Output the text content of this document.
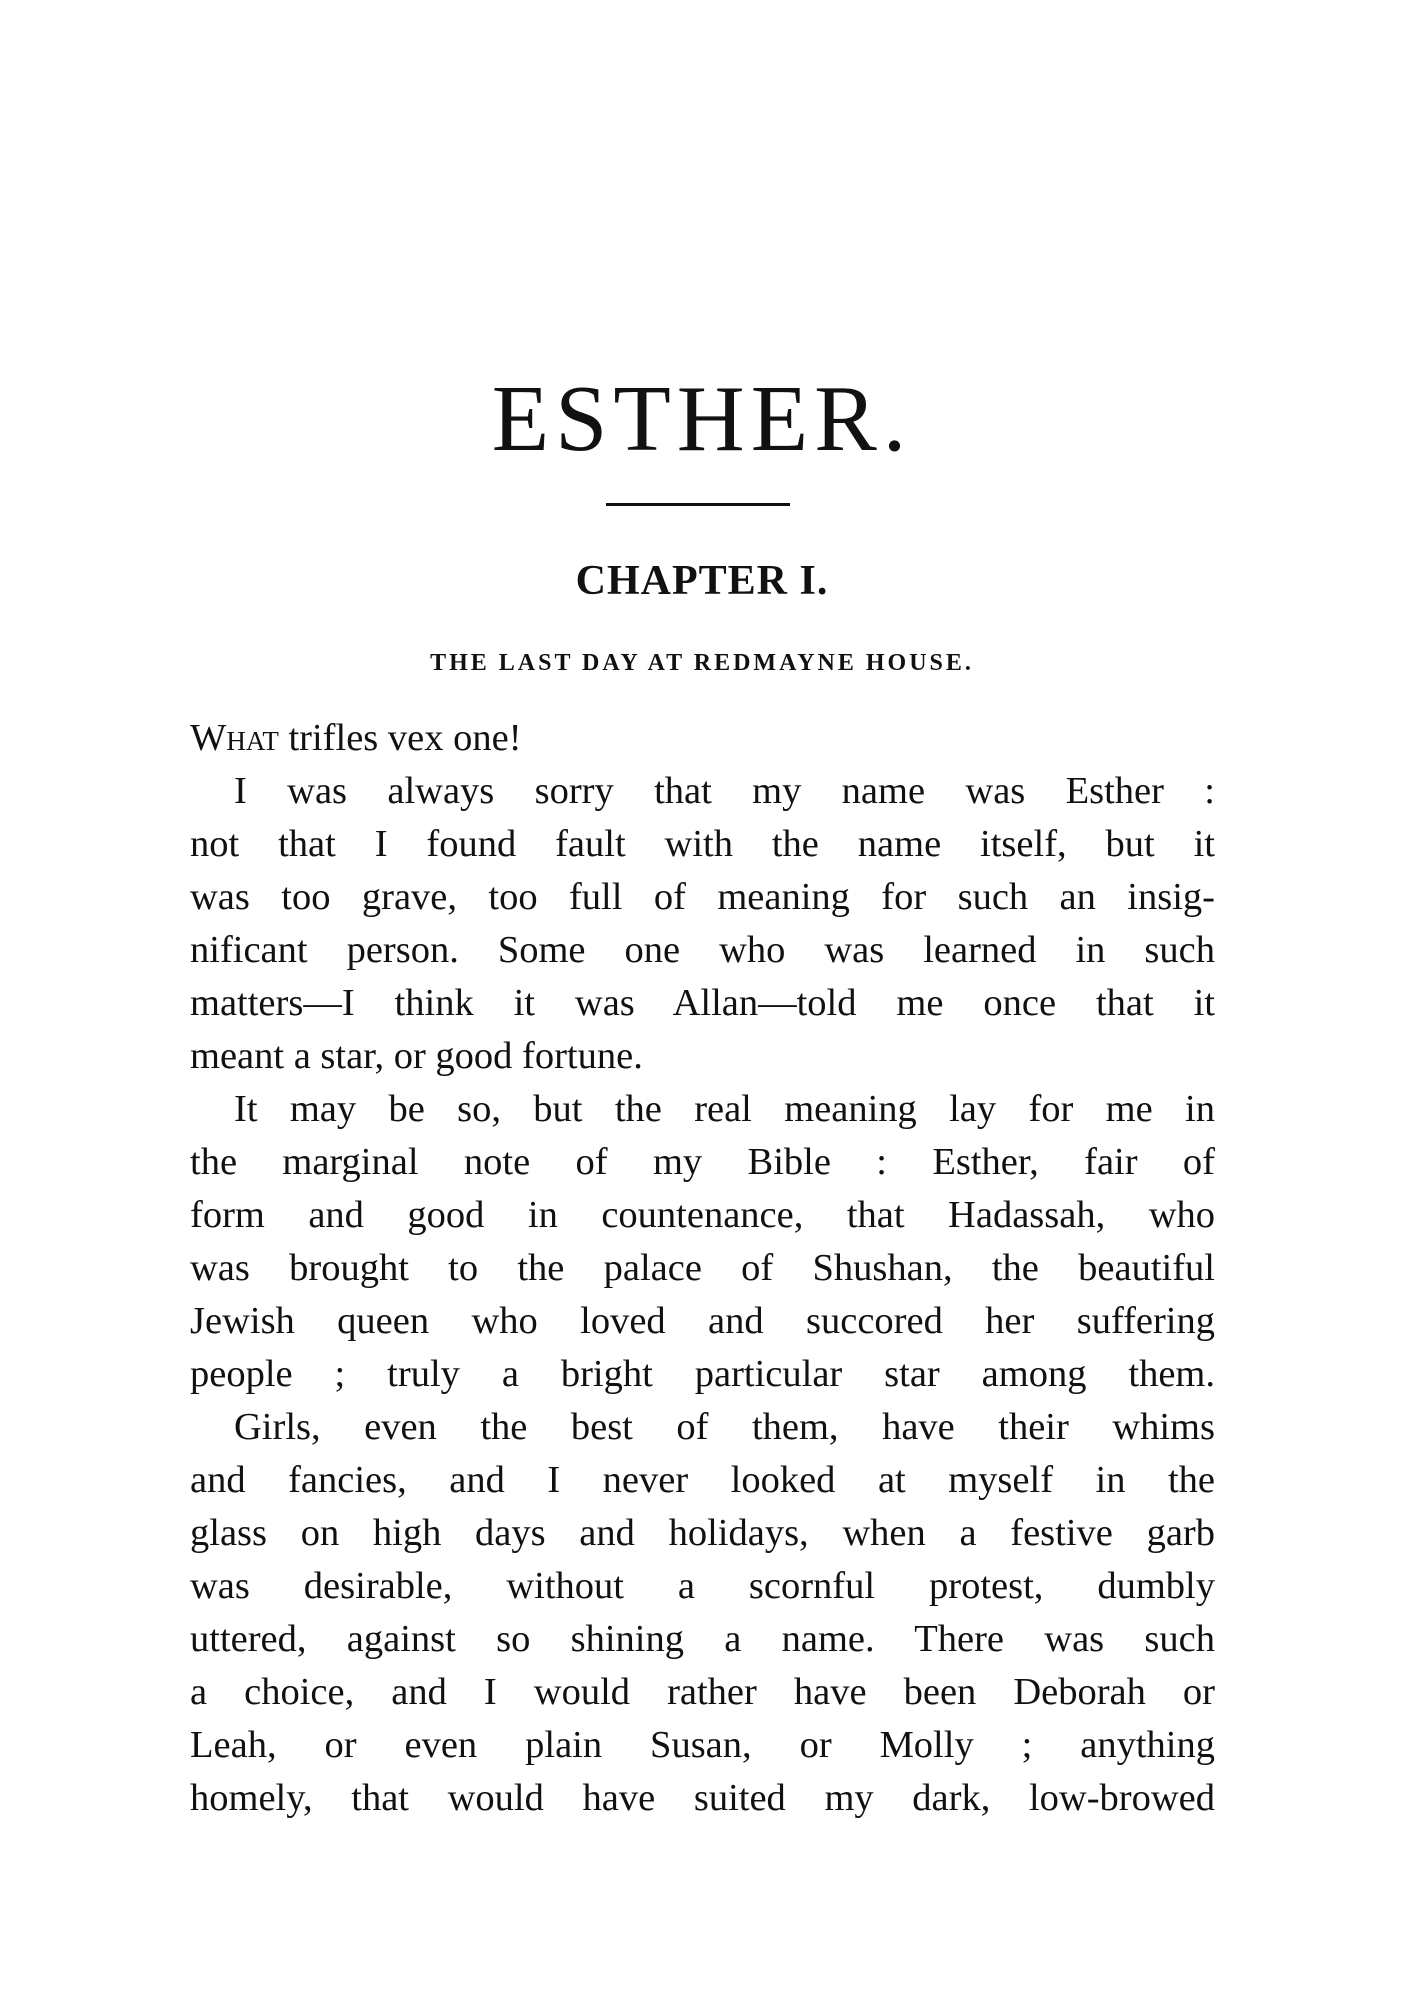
ESTHER.
CHAPTER I.
THE LAST DAY AT REDMAYNE HOUSE.
What trifles vex one!
I was always sorry that my name was Esther :
not that I found fault with the name itself, but it
was too grave, too full of meaning for such an insig-
nificant person. Some one who was learned in such
matters—I think it was Allan—told me once that it
meant a star, or good fortune.
It may be so, but the real meaning lay for me in
the marginal note of my Bible : Esther, fair of
form and good in countenance, that Hadassah, who
was brought to the palace of Shushan, the beautiful
Jewish queen who loved and succored her suffering
people ; truly a bright particular star among them.
Girls, even the best of them, have their whims
and fancies, and I never looked at myself in the
glass on high days and holidays, when a festive garb
was desirable, without a scornful protest, dumbly
uttered, against so shining a name. There was such
a choice, and I would rather have been Deborah or
Leah, or even plain Susan, or Molly ; anything
homely, that would have suited my dark, low-browed
